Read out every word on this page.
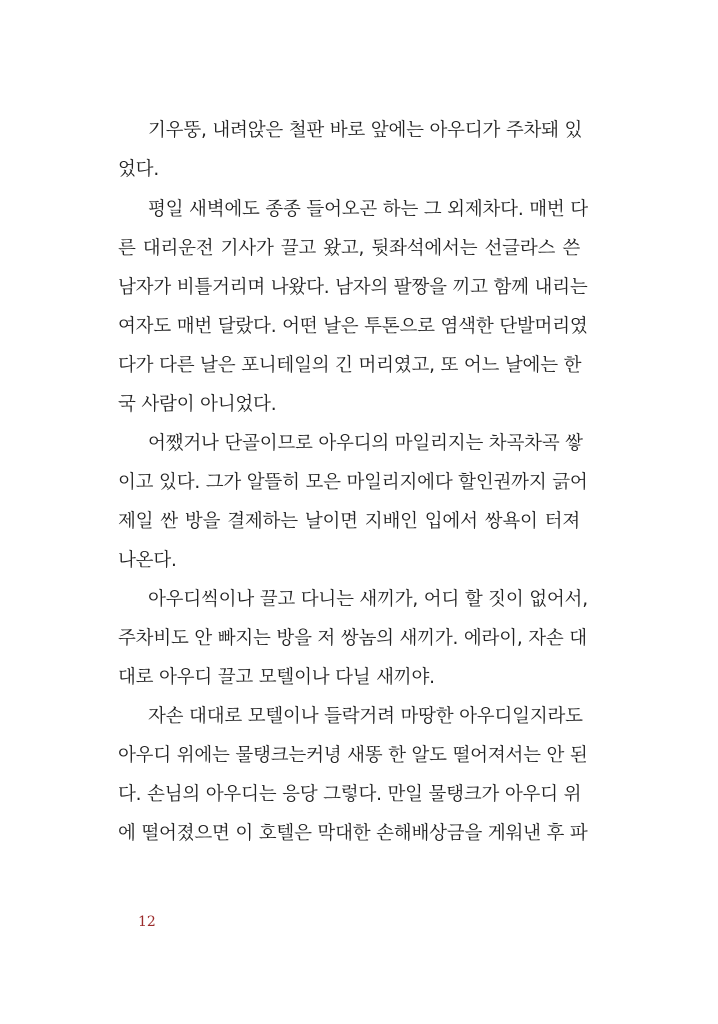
기우뚱, 내려앉은 철판 바로 앞에는 아우디가 주차돼 있
었다.
평일 새벽에도 종종 들어오곤 하는 그 외제차다. 매번 다
른 대리운전 기사가 끌고 왔고, 뒷좌석에서는 선글라스 쓴
남자가 비틀거리며 나왔다. 남자의 팔짱을 끼고 함께 내리는
여자도 매번 달랐다. 어떤 날은 투톤으로 염색한 단발머리였
다가 다른 날은 포니테일의 긴 머리였고, 또 어느 날에는 한
국 사람이 아니었다.
어쨌거나 단골이므로 아우디의 마일리지는 차곡차곡 쌓
이고 있다. 그가 알뜰히 모은 마일리지에다 할인권까지 긁어
제일 싼 방을 결제하는 날이면 지배인 입에서 쌍욕이 터져
나온다.
아우디씩이나 끌고 다니는 새끼가, 어디 할 짓이 없어서,
주차비도 안 빠지는 방을 저 쌍놈의 새끼가. 에라이, 자손 대
대로 아우디 끌고 모텔이나 다닐 새끼야.
자손 대대로 모텔이나 들락거려 마땅한 아우디일지라도
아우디 위에는 물탱크는커녕 새똥 한 알도 떨어져서는 안 된
다. 손님의 아우디는 응당 그렇다. 만일 물탱크가 아우디 위
에 떨어졌으면 이 호텔은 막대한 손해배상금을 게워낸 후 파
12
